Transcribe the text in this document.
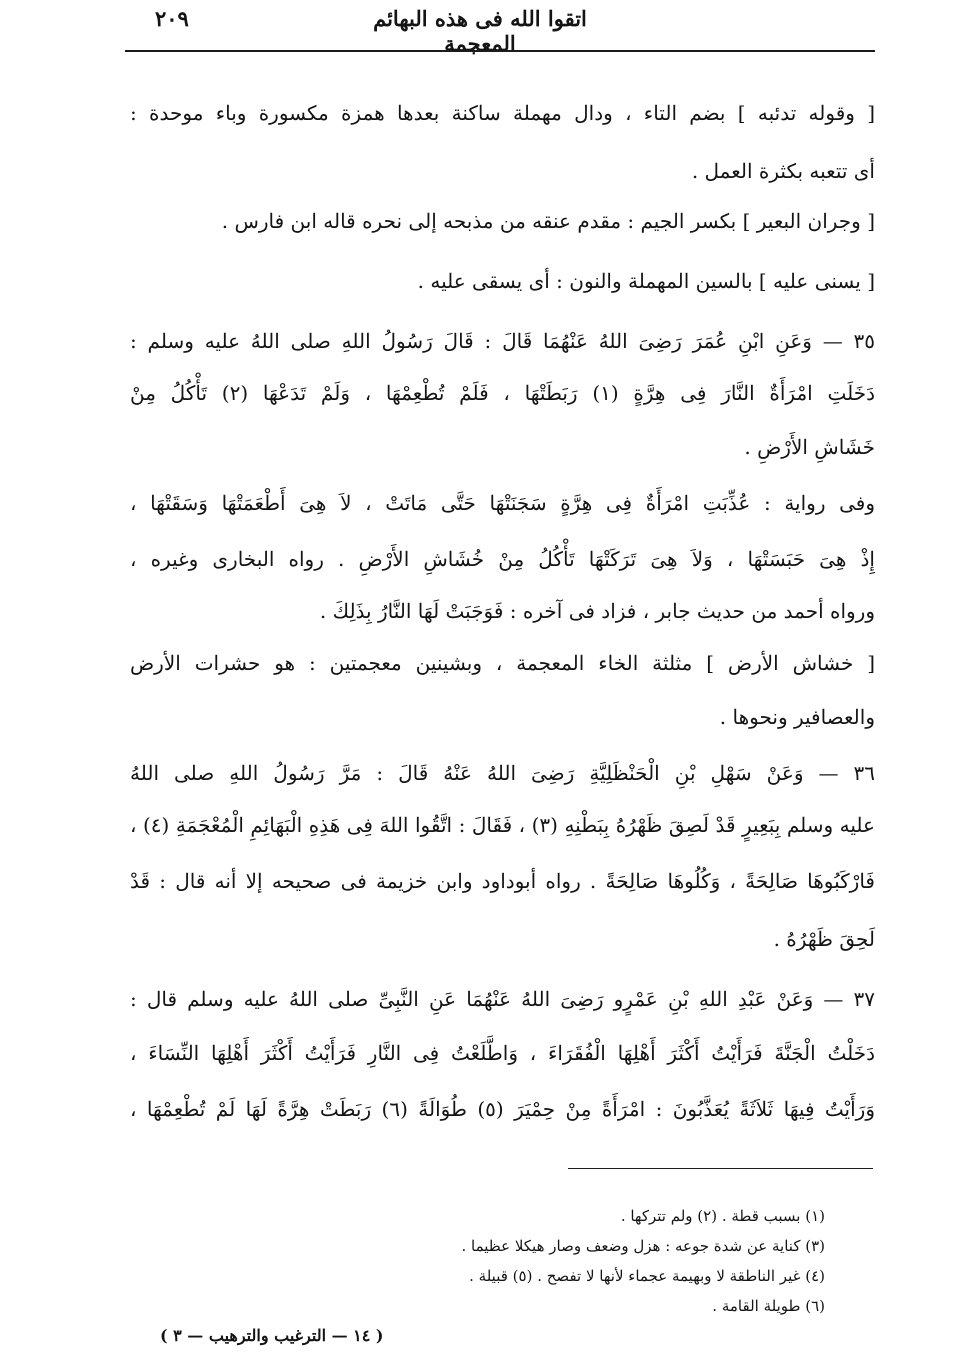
٢٠٩	اتقوا الله فى هذه البهائم المعجمة
[ وقوله تدئبه ] بضم التاء ، ودال مهملة ساكنة بعدها همزة مكسورة وباء موحدة :
أى تتعبه بكثرة العمل .
[ وجران البعير ] بكسر الجيم : مقدم عنقه من مذبحه إلى نحره قاله ابن فارس .
[ يسنى عليه ] بالسين المهملة والنون : أى يسقى عليه .
٣٥ — وَعَنِ ابْنِ عُمَرَ رَضِىَ اللهُ عَنْهُمَا قَالَ : قَالَ رَسُولُ اللهِ صلى اللهُ عليه وسلم :
دَخَلَتِ امْرَأَةٌ النَّارَ فِى هِرَّةٍ (١) رَبَطَتْهَا ، فَلَمْ تُطْعِمْهَا ، وَلَمْ تَدَعْهَا (٢) تَأْكُلُ مِنْ
خَشَاشِ الأَرْضِ .
وفى رواية : عُذِّبَتِ امْرَأَةٌ فِى هِرَّةٍ سَجَنَتْهَا حَتَّى مَاتَتْ ، لاَ هِىَ أَطْعَمَتْهَا وَسَقَتْهَا ،
إِذْ هِىَ حَبَسَتْهَا ، وَلاَ هِىَ تَرَكَتْهَا تَأْكُلُ مِنْ خُشَاشِ الأَرْضِ . رواه البخارى وغيره ،
ورواه أحمد من حديث جابر ، فزاد فى آخره : فَوَجَبَتْ لَهَا النَّارُ بِذَلِكَ .
[ خشاش الأرض ] مثلثة الخاء المعجمة ، وبشينين معجمتين : هو حشرات الأرض
والعصافير ونحوها .
٣٦ — وَعَنْ سَهْلِ بْنِ الْحَنْظَلِيَّةِ رَضِىَ اللهُ عَنْهُ قَالَ : مَرَّ رَسُولُ اللهِ صلى اللهُ
عليه وسلم بِبَعِيرٍ قَدْ لَصِقَ ظَهْرُهُ بِبَطْنِهِ (٣) ، فَقَالَ : اتَّقُوا اللهَ فِى هَذِهِ الْبَهَائِمِ الْمُعْجَمَةِ (٤) ،
فَارْكَبُوهَا صَالِحَةً ، وَكُلُوهَا صَالِحَةً . رواه أبوداود وابن خزيمة فى صحيحه إلا أنه قال : قَدْ
لَحِقَ ظَهْرُهُ .
٣٧ — وَعَنْ عَبْدِ اللهِ بْنِ عَمْرٍو رَضِىَ اللهُ عَنْهُمَا عَنِ النَّبِىِّ صلى اللهُ عليه وسلم قال :
دَخَلْتُ الْجَنَّةَ فَرَأَيْتُ أَكْثَرَ أَهْلِهَا الْفُقَرَاءَ ، وَاطَّلَعْتُ فِى النَّارِ فَرَأَيْتُ أَكْثَرَ أَهْلِهَا النِّسَاءَ ،
وَرَأَيْتُ فِيهَا ثَلاَثَةً يُعَذَّبُونَ : امْرَأَةً مِنْ حِمْيَرَ (٥) طُوَالَةً (٦) رَبَطَتْ هِرَّةً لَهَا لَمْ تُطْعِمْهَا ،
(١) بسبب قطة . (٢) ولم تتركها .
(٣) كناية عن شدة جوعه : هزل وضعف وصار هيكلا عظيما .
(٤) غير الناطقة لا وبهيمة عجماء لأنها لا تفصح . (٥) قبيلة .
(٦) طويلة القامة .
( ١٤ — الترغيب والترهيب — ٣ )
